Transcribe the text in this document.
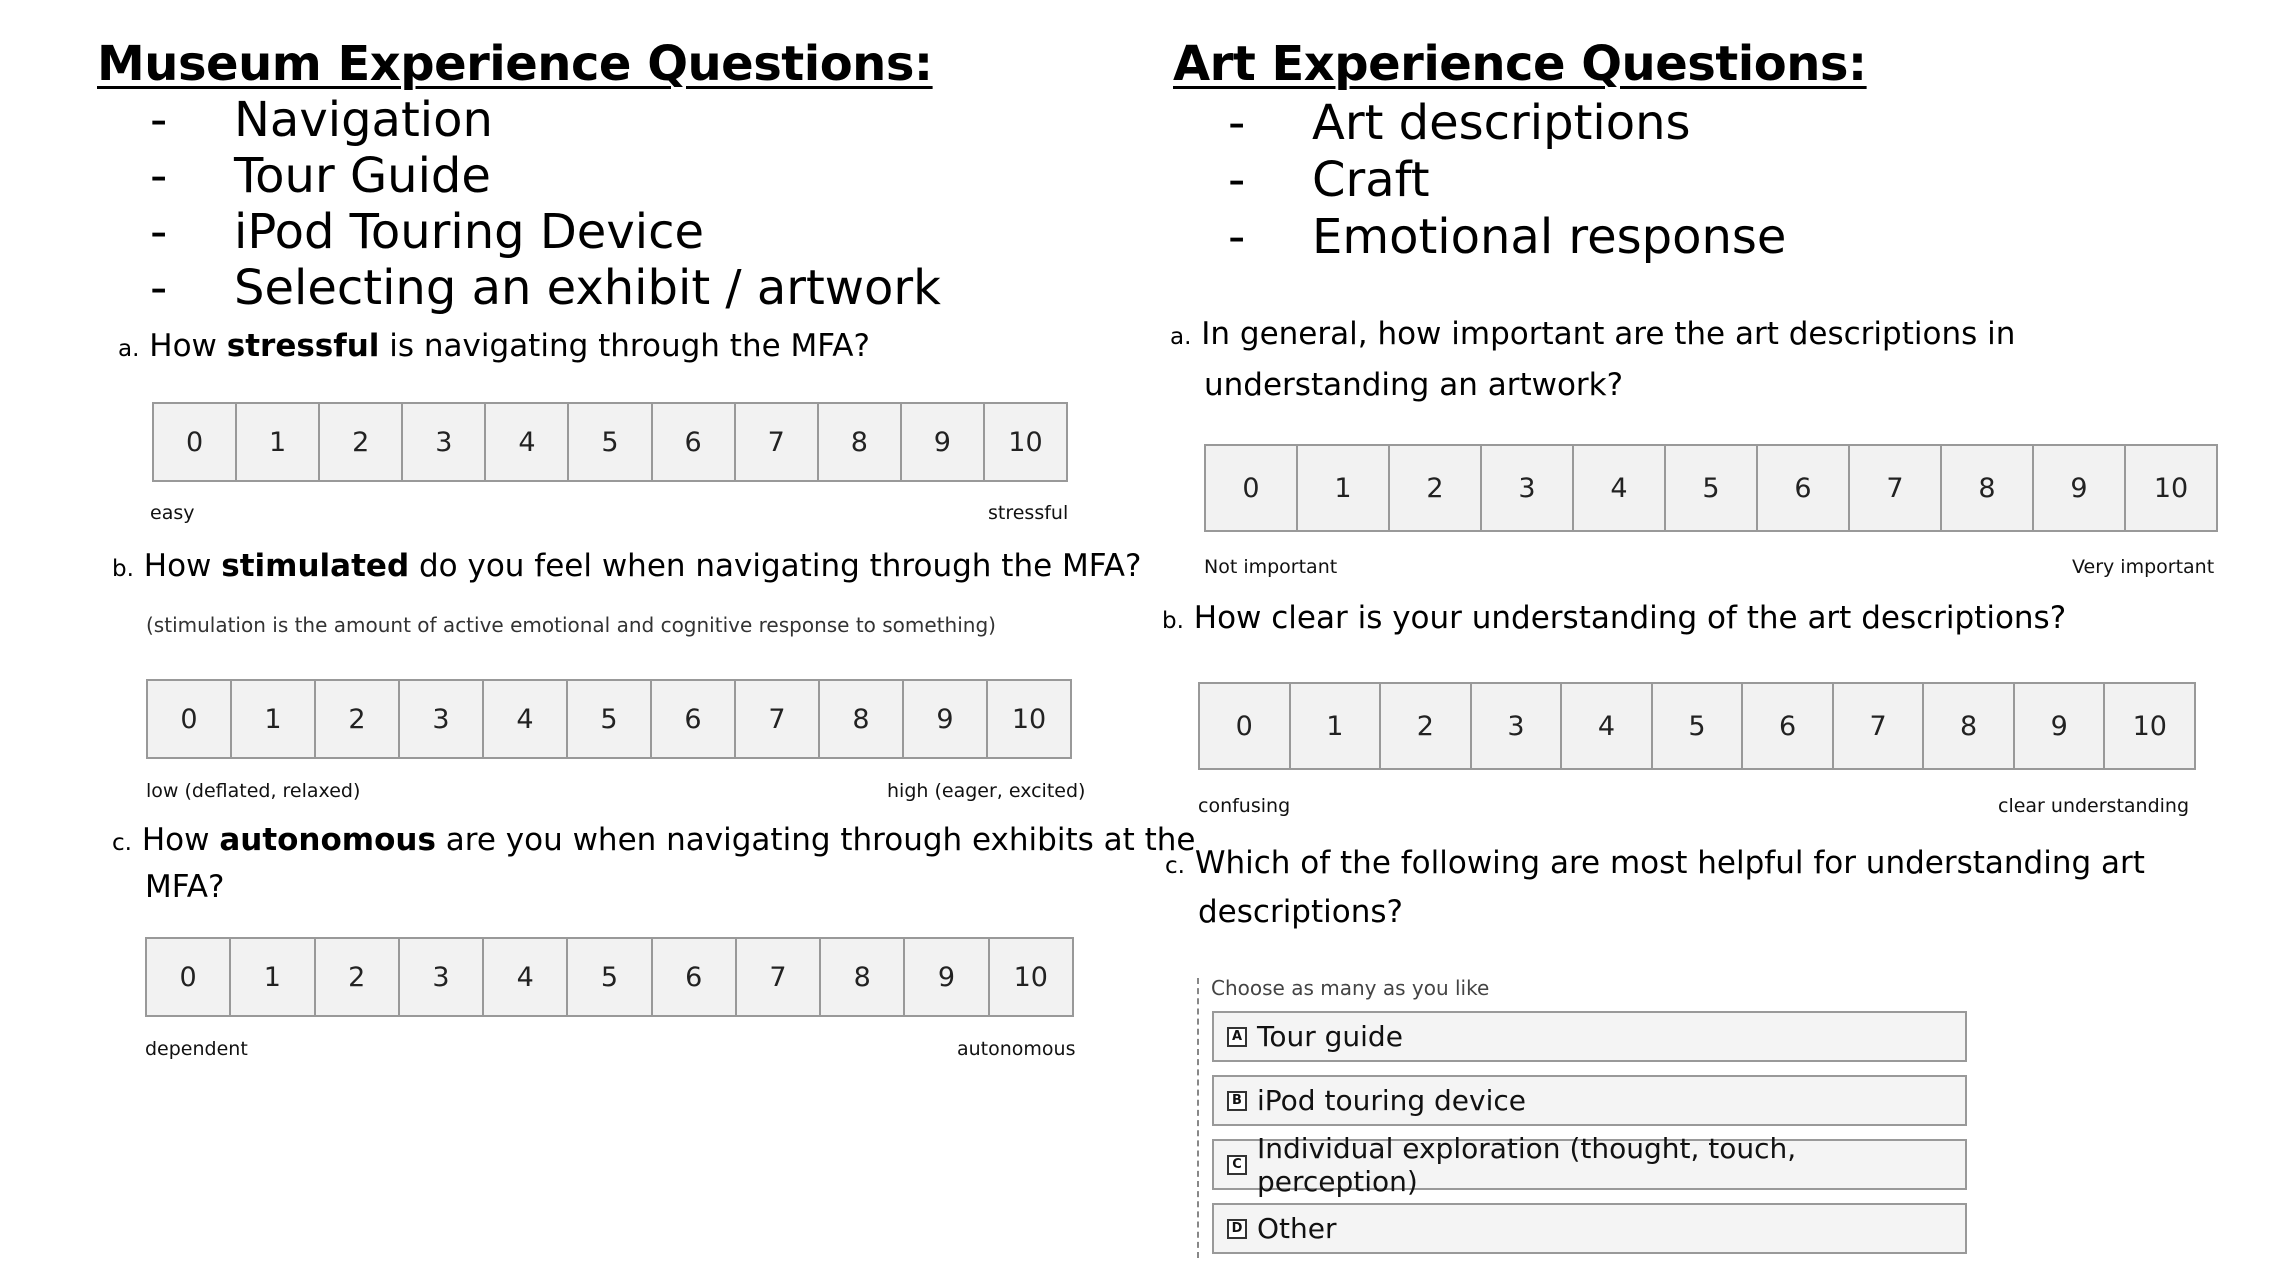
Museum Experience Questions:
- Navigation
- Tour Guide
- iPod Touring Device
- Selecting an exhibit / artwork
a. How stressful is navigating through the MFA?
0	1	2	3	4	5	6	7	8	9	10
easy	stressful
b. How stimulated do you feel when navigating through the MFA?
(stimulation is the amount of active emotional and cognitive response to something)
0	1	2	3	4	5	6	7	8	9	10
low (deflated, relaxed)	high (eager, excited)
c. How autonomous are you when navigating through exhibits at the
MFA?
0	1	2	3	4	5	6	7	8	9	10
dependent	autonomous
Art Experience Questions:
- Art descriptions
- Craft
- Emotional response
a. In general, how important are the art descriptions in
understanding an artwork?
0	1	2	3	4	5	6	7	8	9	10
Not important	Very important
b. How clear is your understanding of the art descriptions?
0	1	2	3	4	5	6	7	8	9	10
confusing	clear understanding
c. Which of the following are most helpful for understanding art
descriptions?
Choose as many as you like
A Tour guide
B iPod touring device
C Individual exploration (thought, touch, perception)
D Other
